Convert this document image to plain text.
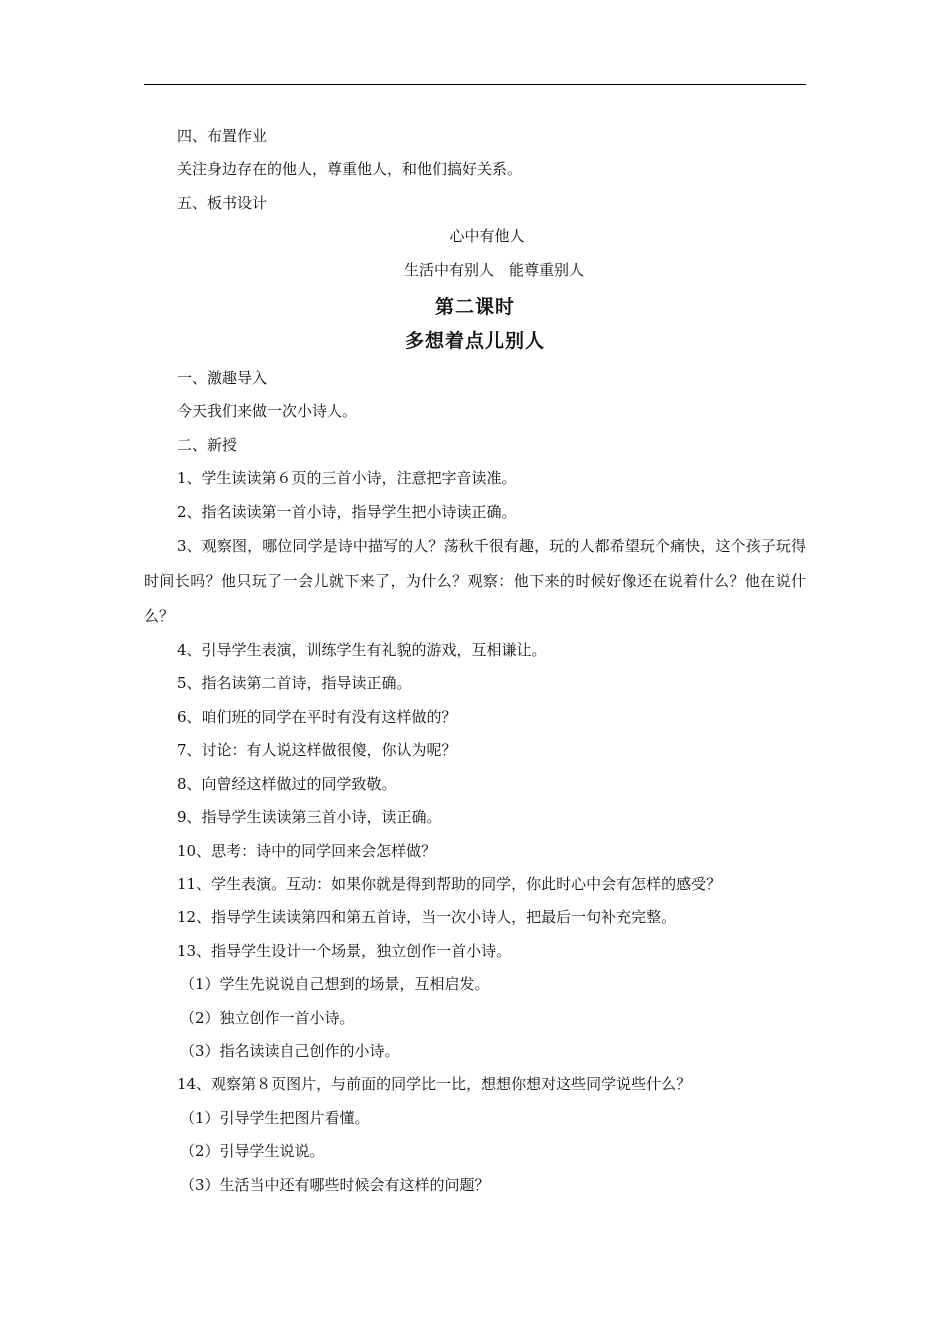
四、布置作业

关注身边存在的他人，尊重他人，和他们搞好关系。

五、板书设计

心中有他人

生活中有别人　能尊重别人

第二课时

多想着点儿别人

一、激趣导入

今天我们来做一次小诗人。

二、新授

1、学生读读第６页的三首小诗，注意把字音读准。

2、指名读读第一首小诗，指导学生把小诗读正确。

3、观察图，哪位同学是诗中描写的人？荡秋千很有趣，玩的人都希望玩个痛快，这个孩子玩得时间长吗？他只玩了一会儿就下来了，为什么？观察：他下来的时候好像还在说着什么？他在说什么？

4、引导学生表演，训练学生有礼貌的游戏，互相谦让。

5、指名读第二首诗，指导读正确。

6、咱们班的同学在平时有没有这样做的？

7、讨论：有人说这样做很傻，你认为呢？

8、向曾经这样做过的同学致敬。

9、指导学生读读第三首小诗，读正确。

10、思考：诗中的同学回来会怎样做？

11、学生表演。互动：如果你就是得到帮助的同学，你此时心中会有怎样的感受？

12、指导学生读读第四和第五首诗，当一次小诗人，把最后一句补充完整。

13、指导学生设计一个场景，独立创作一首小诗。

（1）学生先说说自己想到的场景，互相启发。

（2）独立创作一首小诗。

（3）指名读读自己创作的小诗。

14、观察第８页图片，与前面的同学比一比，想想你想对这些同学说些什么？

（1）引导学生把图片看懂。

（2）引导学生说说。

（3）生活当中还有哪些时候会有这样的问题？
